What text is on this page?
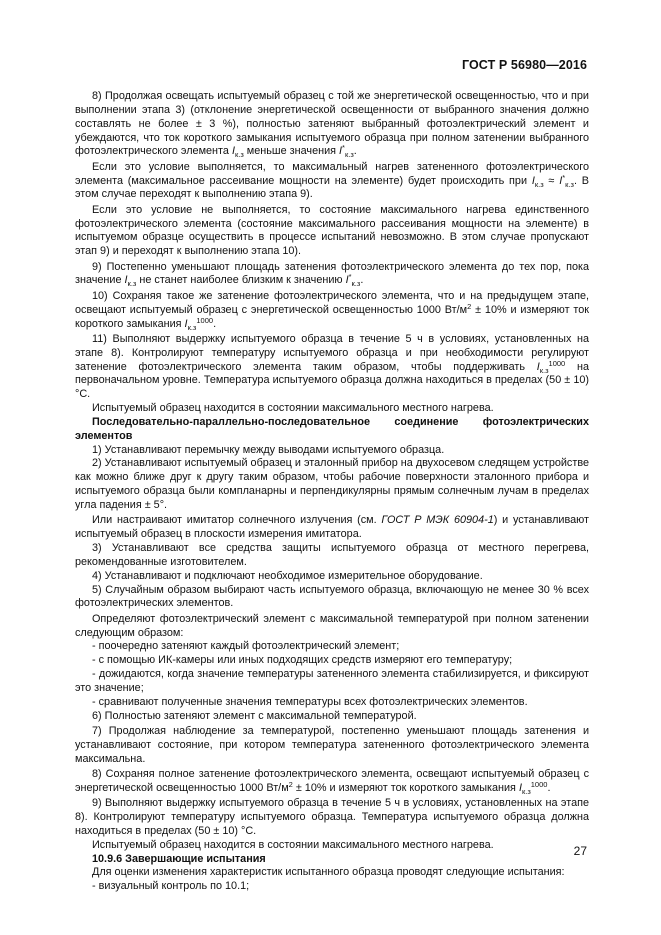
ГОСТ Р 56980—2016

8) Продолжая освещать испытуемый образец с той же энергетической освещенностью, что и при выполнении этапа 3) (отклонение энергетической освещенности от выбранного значения должно составлять не более ± 3 %), полностью затеняют выбранный фотоэлектрический элемент и убеждаются, что ток короткого замыкания испытуемого образца при полном затенении выбранного фотоэлектрического элемента $I_{к.з}$ меньше значения $I^*_{к.з}$.

Если это условие выполняется, то максимальный нагрев затененного фотоэлектрического элемента (максимальное рассеивание мощности на элементе) будет происходить при $I_{к.з} \approx I^*_{к.з}$. В этом случае переходят к выполнению этапа 9).

Если это условие не выполняется, то состояние максимального нагрева единственного фотоэлектрического элемента (состояние максимального рассеивания мощности на элементе) в испытуемом образце осуществить в процессе испытаний невозможно. В этом случае пропускают этап 9) и переходят к выполнению этапа 10).

9) Постепенно уменьшают площадь затенения фотоэлектрического элемента до тех пор, пока значение $I_{к.з}$ не станет наиболее близким к значению $I^*_{к.з}$.

10) Сохраняя такое же затенение фотоэлектрического элемента, что и на предыдущем этапе, освещают испытуемый образец с энергетической освещенностью 1000 $Вт/м^2 \pm 10\%$ и измеряют ток короткого замыкания $I_{к.з}^{1000}$.

11) Выполняют выдержку испытуемого образца в течение 5 ч в условиях, установленных на этапе 8). Контролируют температуру испытуемого образца и при необходимости регулируют затенение фотоэлектрического элемента таким образом, чтобы поддерживать $I_{к.з}^{1000}$ на первоначальном уровне. Температура испытуемого образца должна находиться в пределах (50 ± 10) °С.

Испытуемый образец находится в состоянии максимального местного нагрева.

Последовательно-параллельно-последовательное соединение фотоэлектрических элементов

1) Устанавливают перемычку между выводами испытуемого образца.

2) Устанавливают испытуемый образец и эталонный прибор на двухосевом следящем устройстве как можно ближе друг к другу таким образом, чтобы рабочие поверхности эталонного прибора и испытуемого образца были компланарны и перпендикулярны прямым солнечным лучам в пределах угла падения ± 5°.

Или настраивают имитатор солнечного излучения (см. ГОСТ Р МЭК 60904-1) и устанавливают испытуемый образец в плоскости измерения имитатора.

3) Устанавливают все средства защиты испытуемого образца от местного перегрева, рекомендованные изготовителем.

4) Устанавливают и подключают необходимое измерительное оборудование.

5) Случайным образом выбирают часть испытуемого образца, включающую не менее 30 % всех фотоэлектрических элементов.

Определяют фотоэлектрический элемент с максимальной температурой при полном затенении следующим образом:

- поочередно затеняют каждый фотоэлектрический элемент;

- с помощью ИК-камеры или иных подходящих средств измеряют его температуру;

- дожидаются, когда значение температуры затененного элемента стабилизируется, и фиксируют это значение;

- сравнивают полученные значения температуры всех фотоэлектрических элементов.

6) Полностью затеняют элемент с максимальной температурой.

7) Продолжая наблюдение за температурой, постепенно уменьшают площадь затенения и устанавливают состояние, при котором температура затененного фотоэлектрического элемента максимальна.

8) Сохраняя полное затенение фотоэлектрического элемента, освещают испытуемый образец с энергетической освещенностью 1000 $Вт/м^2 \pm 10\%$ и измеряют ток короткого замыкания $I_{к.з}^{1000}$.

9) Выполняют выдержку испытуемого образца в течение 5 ч в условиях, установленных на этапе 8). Контролируют температуру испытуемого образца. Температура испытуемого образца должна находиться в пределах (50 ± 10) °С.

Испытуемый образец находится в состоянии максимального местного нагрева.

10.9.6 Завершающие испытания

Для оценки изменения характеристик испытанного образца проводят следующие испытания:

- визуальный контроль по 10.1;

27
